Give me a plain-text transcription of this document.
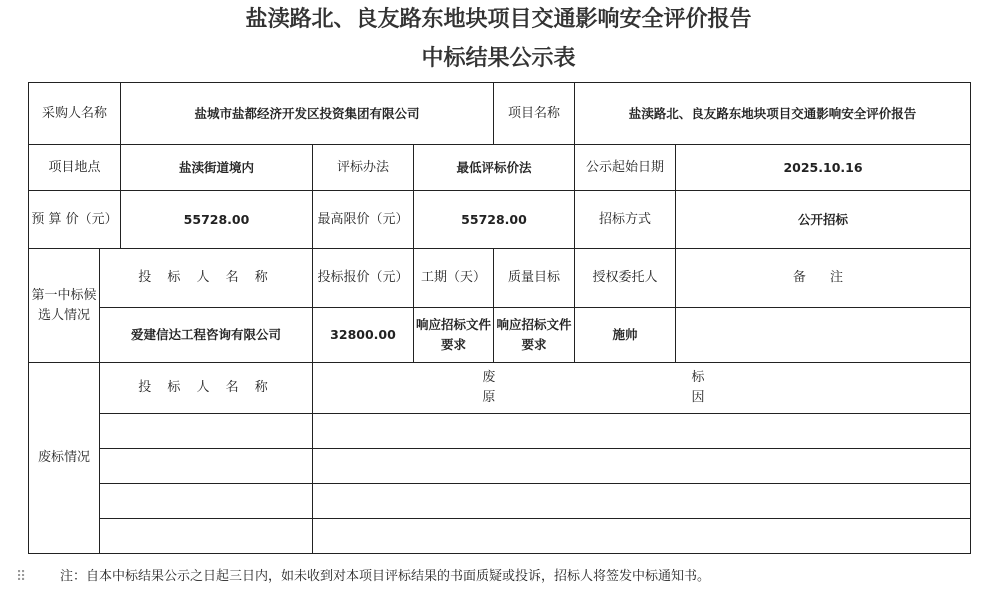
盐渎路北、良友路东地块项目交通影响安全评价报告
中标结果公示表
采购人名称		盐城市盐都经济开发区投资集团有限公司			项目名称	盐渎路北、良友路东地块项目交通影响安全评价报告	
项目地点		盐渎街道境内	评标办法	最低评标价法		公示起始日期	2025.10.16
预 算 价（元）		55728.00	最高限价（元）	55728.00		招标方式	公开招标
第一中标候选人情况	投 标 人 名 称		投标报价（元）	工期（天）	质量目标	授权委托人	备 注
	爱建信达工程咨询有限公司		32800.00	响应招标文件要求	响应招标文件要求	施帅	
废标情况	投 标 人 名 称		废 标 原 因				

⠿	注：自本中标结果公示之日起三日内，如未收到对本项目评标结果的书面质疑或投诉，招标人将签发中标通知书。
